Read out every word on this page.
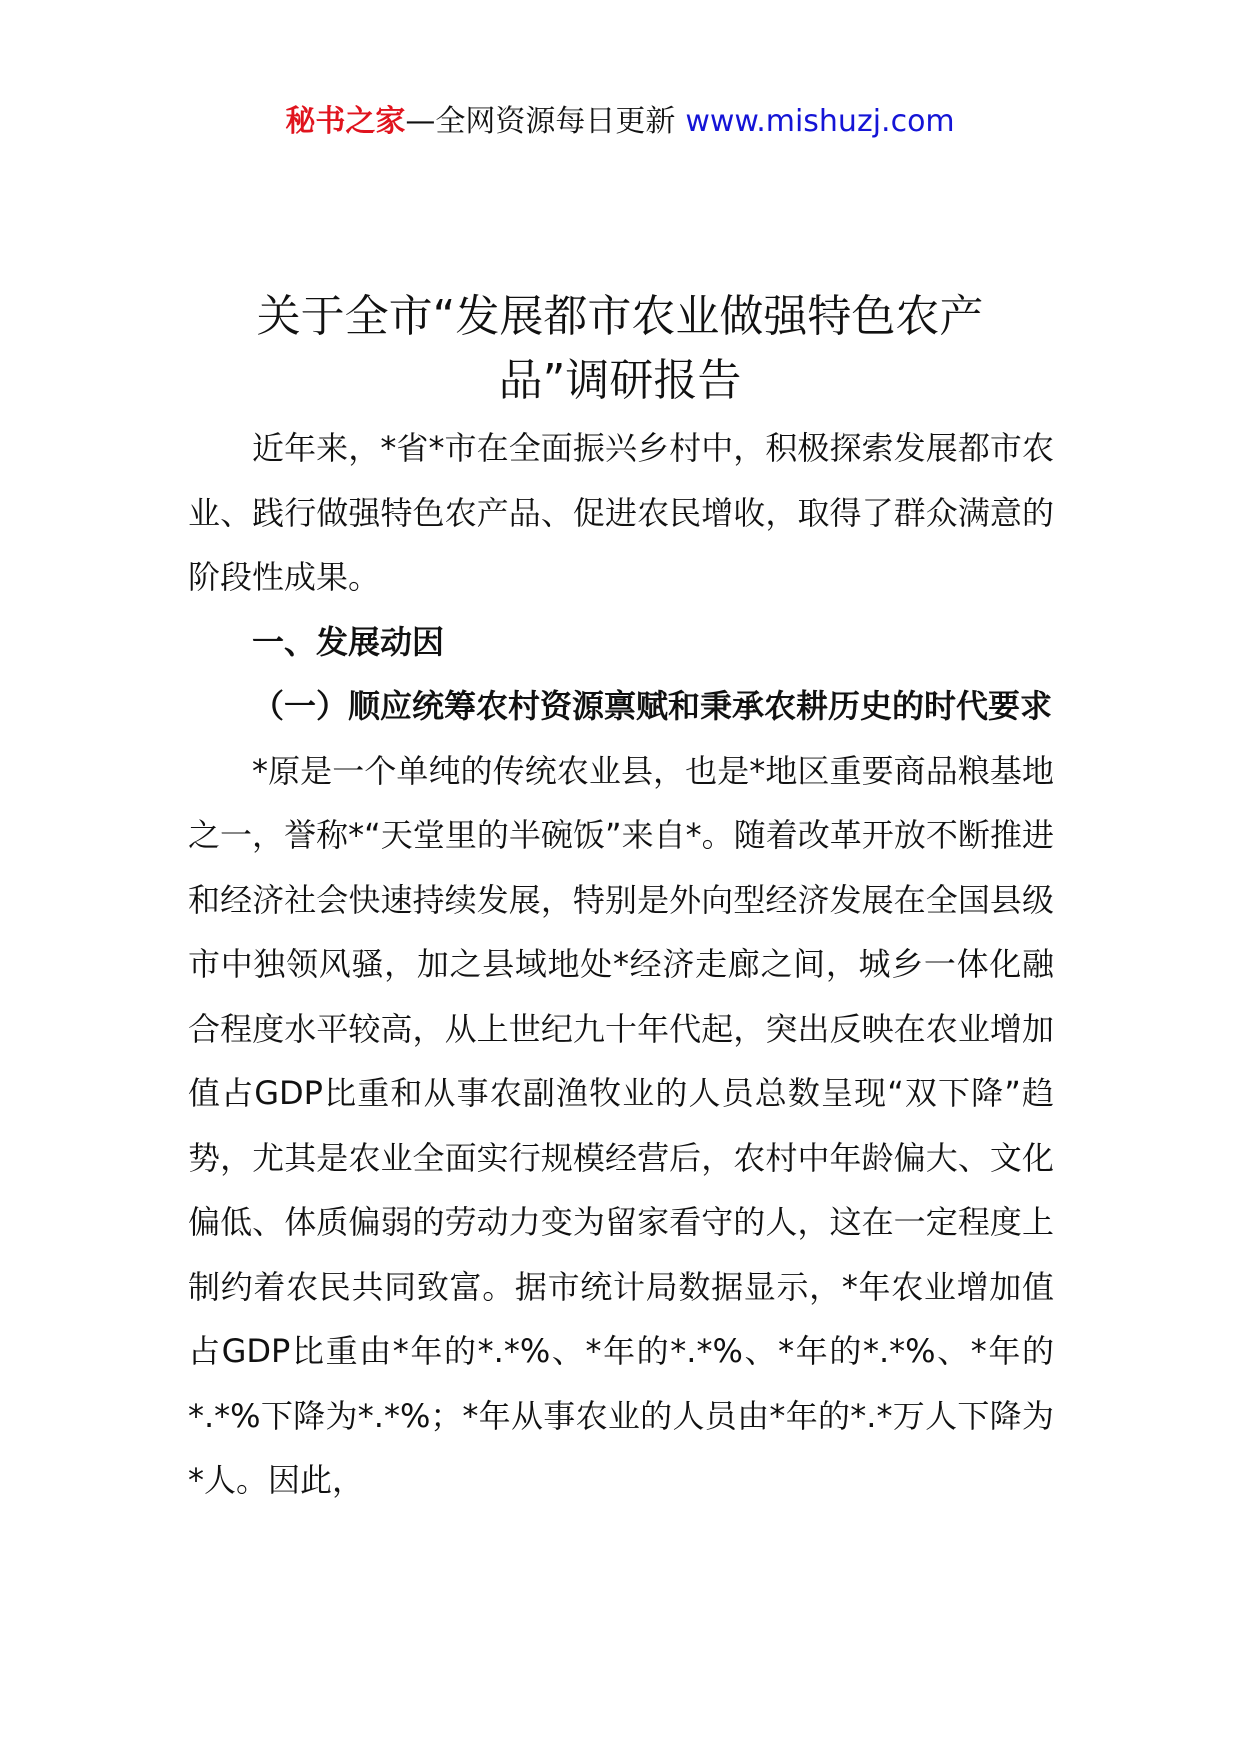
秘书之家—全网资源每日更新 www.mishuzj.com
关于全市“发展都市农业做强特色农产
品”调研报告

近年来，*省*市在全面振兴乡村中，积极探索发展都市农业、践行做强特色农产品、促进农民增收，取得了群众满意的阶段性成果。

一、发展动因

（一）顺应统筹农村资源禀赋和秉承农耕历史的时代要求

*原是一个单纯的传统农业县，也是*地区重要商品粮基地之一，誉称*“天堂里的半碗饭”来自*。随着改革开放不断推进和经济社会快速持续发展，特别是外向型经济发展在全国县级市中独领风骚，加之县域地处*经济走廊之间，城乡一体化融合程度水平较高，从上世纪九十年代起，突出反映在农业增加值占GDP比重和从事农副渔牧业的人员总数呈现“双下降”趋势，尤其是农业全面实行规模经营后，农村中年龄偏大、文化偏低、体质偏弱的劳动力变为留家看守的人，这在一定程度上制约着农民共同致富。据市统计局数据显示，*年农业增加值占GDP比重由*年的*.*%、*年的*.*%、*年的*.*%、*年的*.*%下降为*.*%；*年从事农业的人员由*年的*.*万人下降为*人。因此，
